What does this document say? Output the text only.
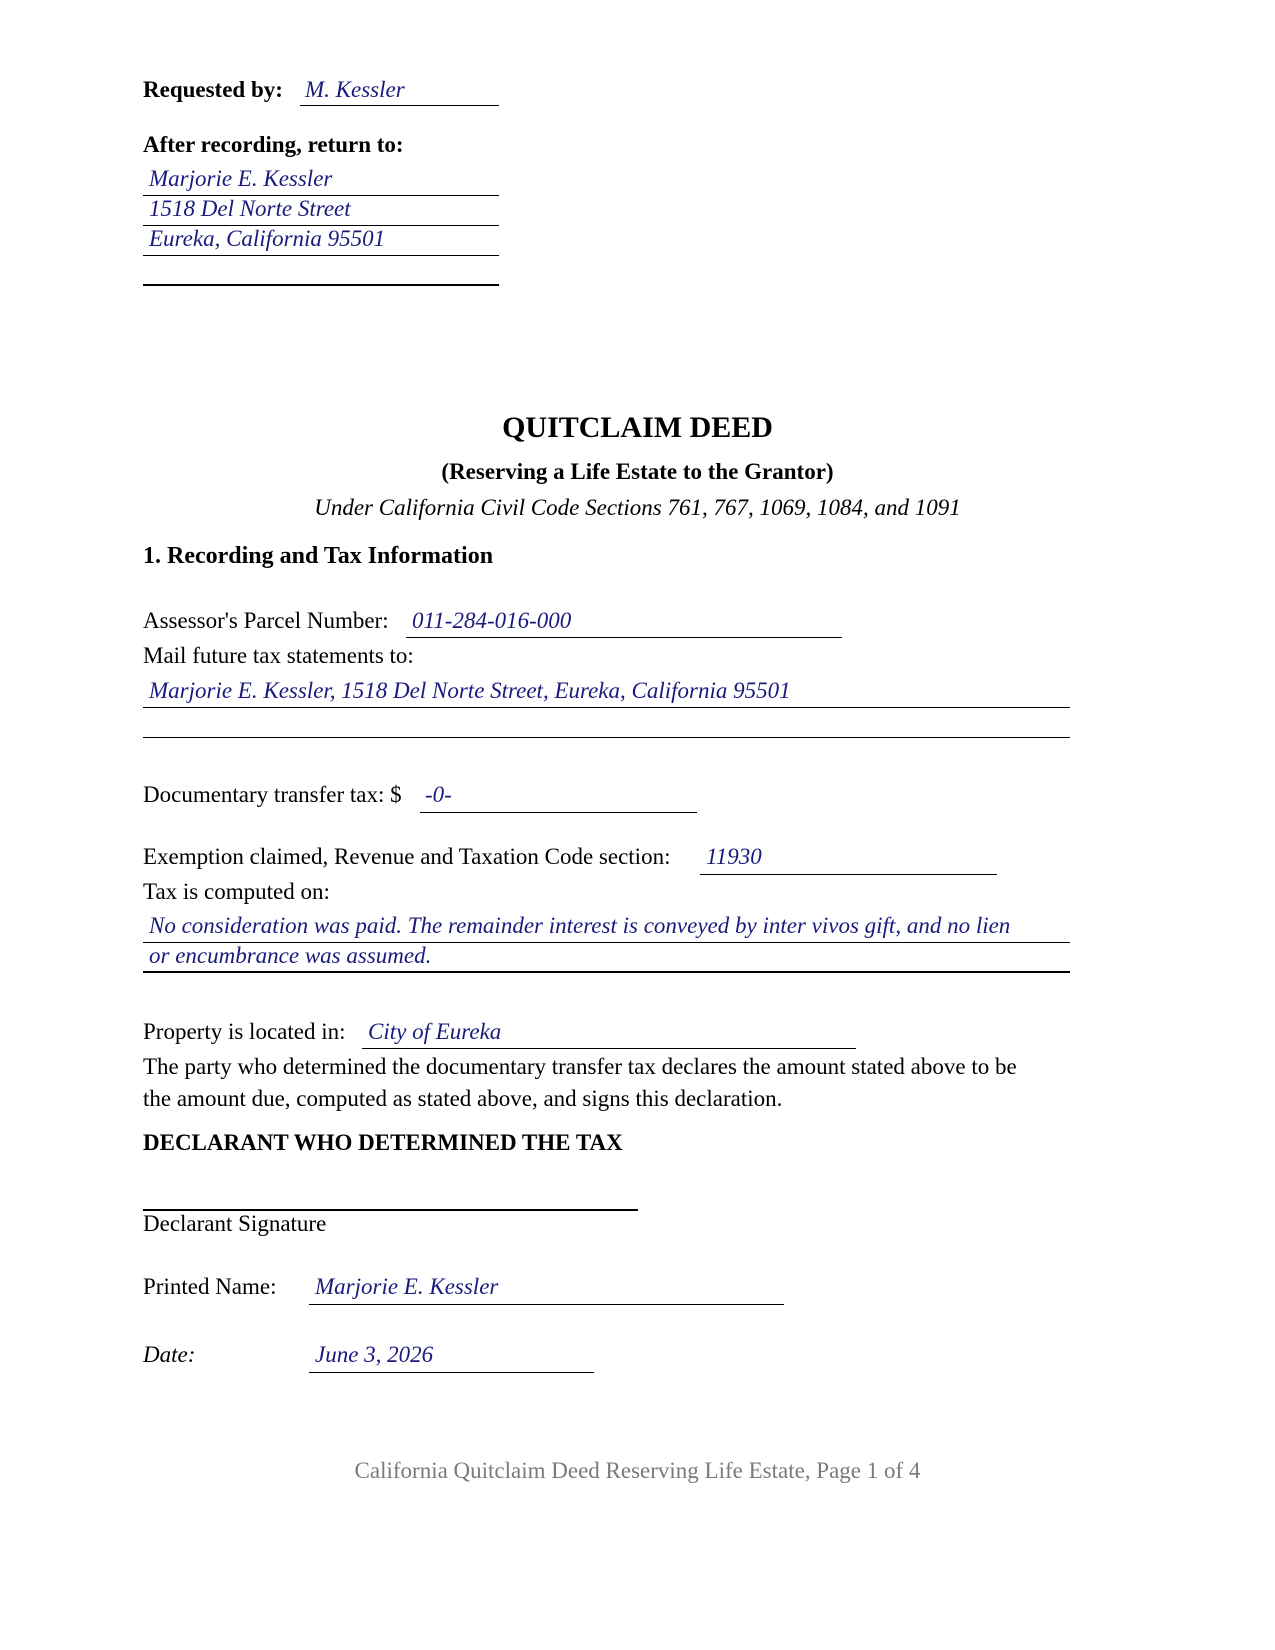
Requested by: M. Kessler
After recording, return to:
Marjorie E. Kessler
1518 Del Norte Street
Eureka, California 95501
QUITCLAIM DEED
(Reserving a Life Estate to the Grantor)
Under California Civil Code Sections 761, 767, 1069, 1084, and 1091
1. Recording and Tax Information
Assessor's Parcel Number: 011-284-016-000
Mail future tax statements to:
Marjorie E. Kessler, 1518 Del Norte Street, Eureka, California 95501
Documentary transfer tax: $ -0-
Exemption claimed, Revenue and Taxation Code section: 11930
Tax is computed on:
No consideration was paid. The remainder interest is conveyed by inter vivos gift, and no lien
or encumbrance was assumed.
Property is located in: City of Eureka
The party who determined the documentary transfer tax declares the amount stated above to be
the amount due, computed as stated above, and signs this declaration.
DECLARANT WHO DETERMINED THE TAX
Declarant Signature
Printed Name: Marjorie E. Kessler
Date:	June 3, 2026
California Quitclaim Deed Reserving Life Estate, Page 1 of 4
